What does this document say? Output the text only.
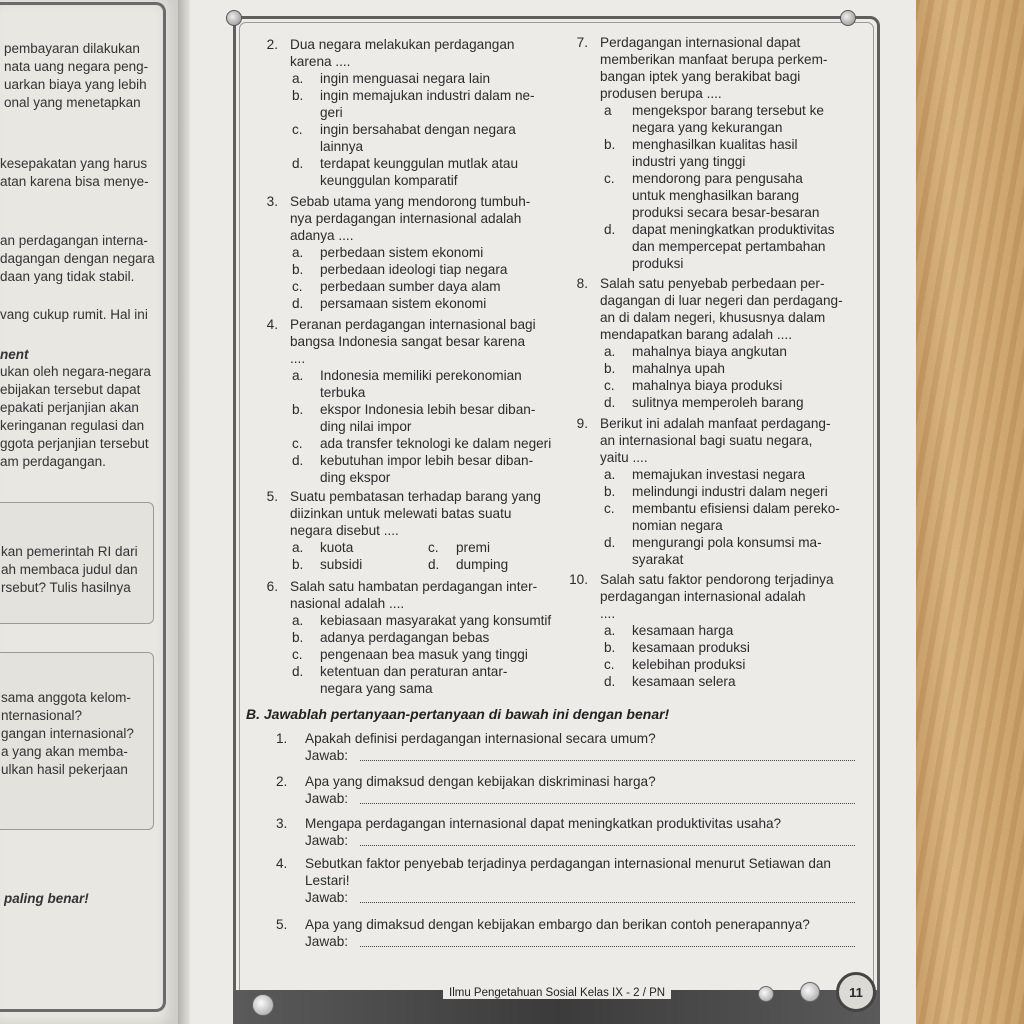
pembayaran dilakukan
nata uang negara peng-
uarkan biaya yang lebih
onal yang menetapkan
kesepakatan yang harus
atan karena bisa menye-
an perdagangan interna-
dagangan dengan negara
daan yang tidak stabil.
vang cukup rumit. Hal ini
nent
ukan oleh negara-negara
ebijakan tersebut dapat
epakati perjanjian akan
keringanan regulasi dan
ggota perjanjian tersebut
am perdagangan.
kan pemerintah RI dari
ah membaca judul dan
rsebut? Tulis hasilnya
sama anggota kelom-
nternasional?
gangan internasional?
a yang akan memba-
ulkan hasil pekerjaan
paling benar!
2. Dua negara melakukan perdagangan
karena ....
a. ingin menguasai negara lain
b. ingin memajukan industri dalam ne-
geri
c. ingin bersahabat dengan negara
lainnya
d. terdapat keunggulan mutlak atau
keunggulan komparatif
3. Sebab utama yang mendorong tumbuh-
nya perdagangan internasional adalah
adanya ....
a. perbedaan sistem ekonomi
b. perbedaan ideologi tiap negara
c. perbedaan sumber daya alam
d. persamaan sistem ekonomi
4. Peranan perdagangan internasional bagi
bangsa Indonesia sangat besar karena
....
a. Indonesia memiliki perekonomian
terbuka
b. ekspor Indonesia lebih besar diban-
ding nilai impor
c. ada transfer teknologi ke dalam negeri
d. kebutuhan impor lebih besar diban-
ding ekspor
5. Suatu pembatasan terhadap barang yang
diizinkan untuk melewati batas suatu
negara disebut ....
a. kuota	c. premi
b. subsidi	d. dumping
6. Salah satu hambatan perdagangan inter-
nasional adalah ....
a. kebiasaan masyarakat yang konsumtif
b. adanya perdagangan bebas
c. pengenaan bea masuk yang tinggi
d. ketentuan dan peraturan antar-
negara yang sama
7. Perdagangan internasional dapat
memberikan manfaat berupa perkem-
bangan iptek yang berakibat bagi
produsen berupa ....
a mengekspor barang tersebut ke
negara yang kekurangan
b. menghasilkan kualitas hasil
industri yang tinggi
c. mendorong para pengusaha
untuk menghasilkan barang
produksi secara besar-besaran
d. dapat meningkatkan produktivitas
dan mempercepat pertambahan
produksi
8. Salah satu penyebab perbedaan per-
dagangan di luar negeri dan perdagang-
an di dalam negeri, khususnya dalam
mendapatkan barang adalah ....
a. mahalnya biaya angkutan
b. mahalnya upah
c. mahalnya biaya produksi
d. sulitnya memperoleh barang
9. Berikut ini adalah manfaat perdagang-
an internasional bagi suatu negara,
yaitu ....
a. memajukan investasi negara
b. melindungi industri dalam negeri
c. membantu efisiensi dalam pereko-
nomian negara
d. mengurangi pola konsumsi ma-
syarakat
10. Salah satu faktor pendorong terjadinya
perdagangan internasional adalah
....
a. kesamaan harga
b. kesamaan produksi
c. kelebihan produksi
d. kesamaan selera
B. Jawablah pertanyaan-pertanyaan di bawah ini dengan benar!
1. Apakah definisi perdagangan internasional secara umum?
Jawab:
2. Apa yang dimaksud dengan kebijakan diskriminasi harga?
Jawab:
3. Mengapa perdagangan internasional dapat meningkatkan produktivitas usaha?
Jawab:
4. Sebutkan faktor penyebab terjadinya perdagangan internasional menurut Setiawan dan
Lestari!
Jawab:
5. Apa yang dimaksud dengan kebijakan embargo dan berikan contoh penerapannya?
Jawab:
Ilmu Pengetahuan Sosial Kelas IX - 2 / PN	11
